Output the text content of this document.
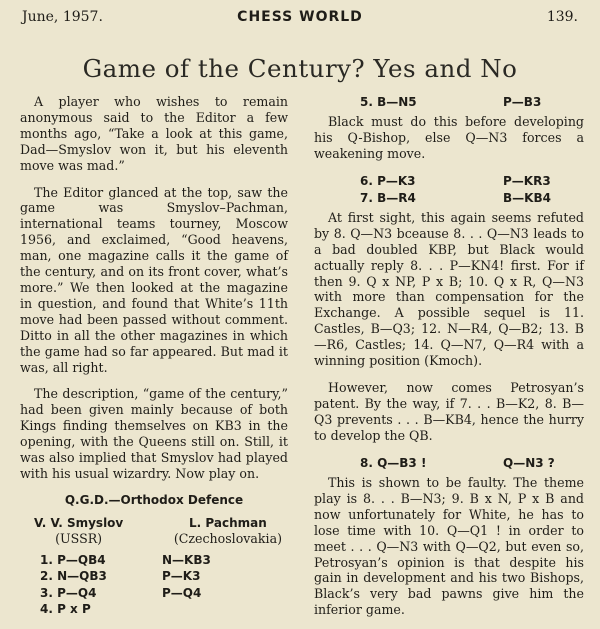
June, 1957.	CHESS WORLD	139.
Game of the Century? Yes and No

A player who wishes to remain anonymous said to the Editor a few months ago, “Take a look at this game, Dad—Smyslov won it, but his eleventh move was mad.”

The Editor glanced at the top, saw the game was Smyslov–Pachman, international teams tourney, Moscow 1956, and exclaimed, “Good heavens, man, one magazine calls it the game of the century, and on its front cover, what’s more.” We then looked at the magazine in question, and found that White’s 11th move had been passed without comment. Ditto in all the other magazines in which the game had so far appeared. But mad it was, all right.

The description, “game of the century,” had been given mainly because of both Kings finding themselves on KB3 in the opening, with the Queens still on. Still, it was also implied that Smyslov had played with his usual wizardry. Now play on.

Q.G.D.—Orthodox Defence
V. V. Smyslov
(USSR)
L. Pachman
(Czechoslovakia)
1. P—QB4	N—KB3
2. N—QB3	P—K3
3. P—Q4	P—Q4
4. P x P
5. B—N5	P—B3

Black must do this before developing his Q-Bishop, else Q—N3 forces a weakening move.

6. P—K3	P—KR3
7. B—R4	B—KB4

At first sight, this again seems refuted by 8. Q—N3 bceause 8. . . Q—N3 leads to a bad doubled KBP, but Black would actually reply 8. . . P—KN4! first. For if then 9. Q x NP, P x B; 10. Q x R, Q—N3 with more than compensation for the Exchange. A possible sequel is 11. Castles, B—Q3; 12. N—R4, Q—B2; 13. B—R6, Castles; 14. Q—N7, Q—R4 with a winning position (Kmoch).

However, now comes Petrosyan’s patent. By the way, if 7. . . B—K2, 8. B—Q3 prevents . . . B—KB4, hence the hurry to develop the QB.

8. Q—B3 !	Q—N3 ?

This is shown to be faulty. The theme play is 8. . . B—N3; 9. B x N, P x B and now unfortunately for White, he has to lose time with 10. Q—Q1 ! in order to meet . . . Q—N3 with Q—Q2, but even so, Petrosyan’s opinion is that despite his gain in development and his two Bishops, Black’s very bad pawns give him the inferior game.
